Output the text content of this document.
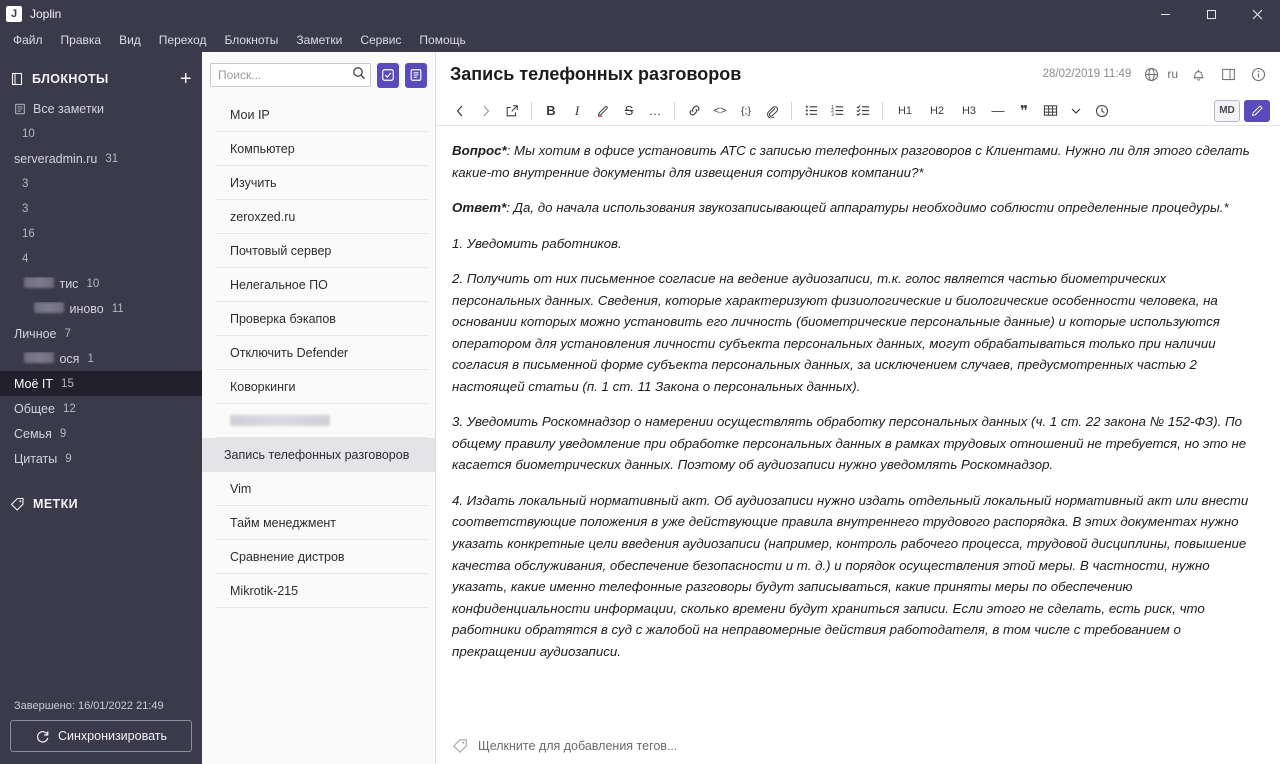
J	Joplin
Файл	Правка	Вид	Переход	Блокноты	Заметки	Сервис	Помощь
БЛОКНОТЫ	+
Все заметки
10
serveradmin.ru 31
3
3
16
4
тис 10
иново 11
Личное 7
ося 1
Моё IT 15
Общее 12
Семья 9
Цитаты 9
МЕТКИ
Завершено: 16/01/2022 21:49
Синхронизировать
Поиск...
Мои IP
Компьютер
Изучить
zeroxzed.ru
Почтовый сервер
Нелегальное ПО
Проверка бэкапов
Отключить Defender
Коворкинги
Запись телефонных разговоров
Vim
Тайм менеджмент
Сравнение дистров
Mikrotik-215
Запись телефонных разговоров	28/02/2019 11:49	ru
B	I	S	…	<>	{;}	1
2
3	H1	H2	H3	—	❞	MD

Вопрос*: Мы хотим в офисе установить АТС с записью телефонных разговоров с Клиентами. Нужно ли для этого сделать какие-то внутренние документы для извещения сотрудников компании?*

Ответ*: Да, до начала использования звукозаписывающей аппаратуры необходимо соблюсти определенные процедуры.*

1. Уведомить работников.

2. Получить от них письменное согласие на ведение аудиозаписи, т.к. голос является частью биометрических персональных данных. Сведения, которые характеризуют физиологические и биологические особенности человека, на основании которых можно установить его личность (биометрические персональные данные) и которые используются оператором для установления личности субъекта персональных данных, могут обрабатываться только при наличии согласия в письменной форме субъекта персональных данных, за исключением случаев, предусмотренных частью 2 настоящей статьи (п. 1 ст. 11 Закона о персональных данных).

3. Уведомить Роскомнадзор о намерении осуществлять обработку персональных данных (ч. 1 ст. 22 закона № 152-ФЗ). По общему правилу уведомление при обработке персональных данных в рамках трудовых отношений не требуется, но это не касается биометрических данных. Поэтому об аудиозаписи нужно уведомлять Роскомнадзор.

4. Издать локальный нормативный акт. Об аудиозаписи нужно издать отдельный локальный нормативный акт или внести соответствующие положения в уже действующие правила внутреннего трудового распорядка. В этих документах нужно указать конкретные цели введения аудиозаписи (например, контроль рабочего процесса, трудовой дисциплины, повышение качества обслуживания, обеспечение безопасности и т. д.) и порядок осуществления этой меры. В частности, нужно указать, какие именно телефонные разговоры будут записываться, какие приняты меры по обеспечению конфиденциальности информации, сколько времени будут храниться записи. Если этого не сделать, есть риск, что работники обратятся в суд с жалобой на неправомерные действия работодателя, в том числе с требованием о прекращении аудиозаписи.

Щелкните для добавления тегов...
